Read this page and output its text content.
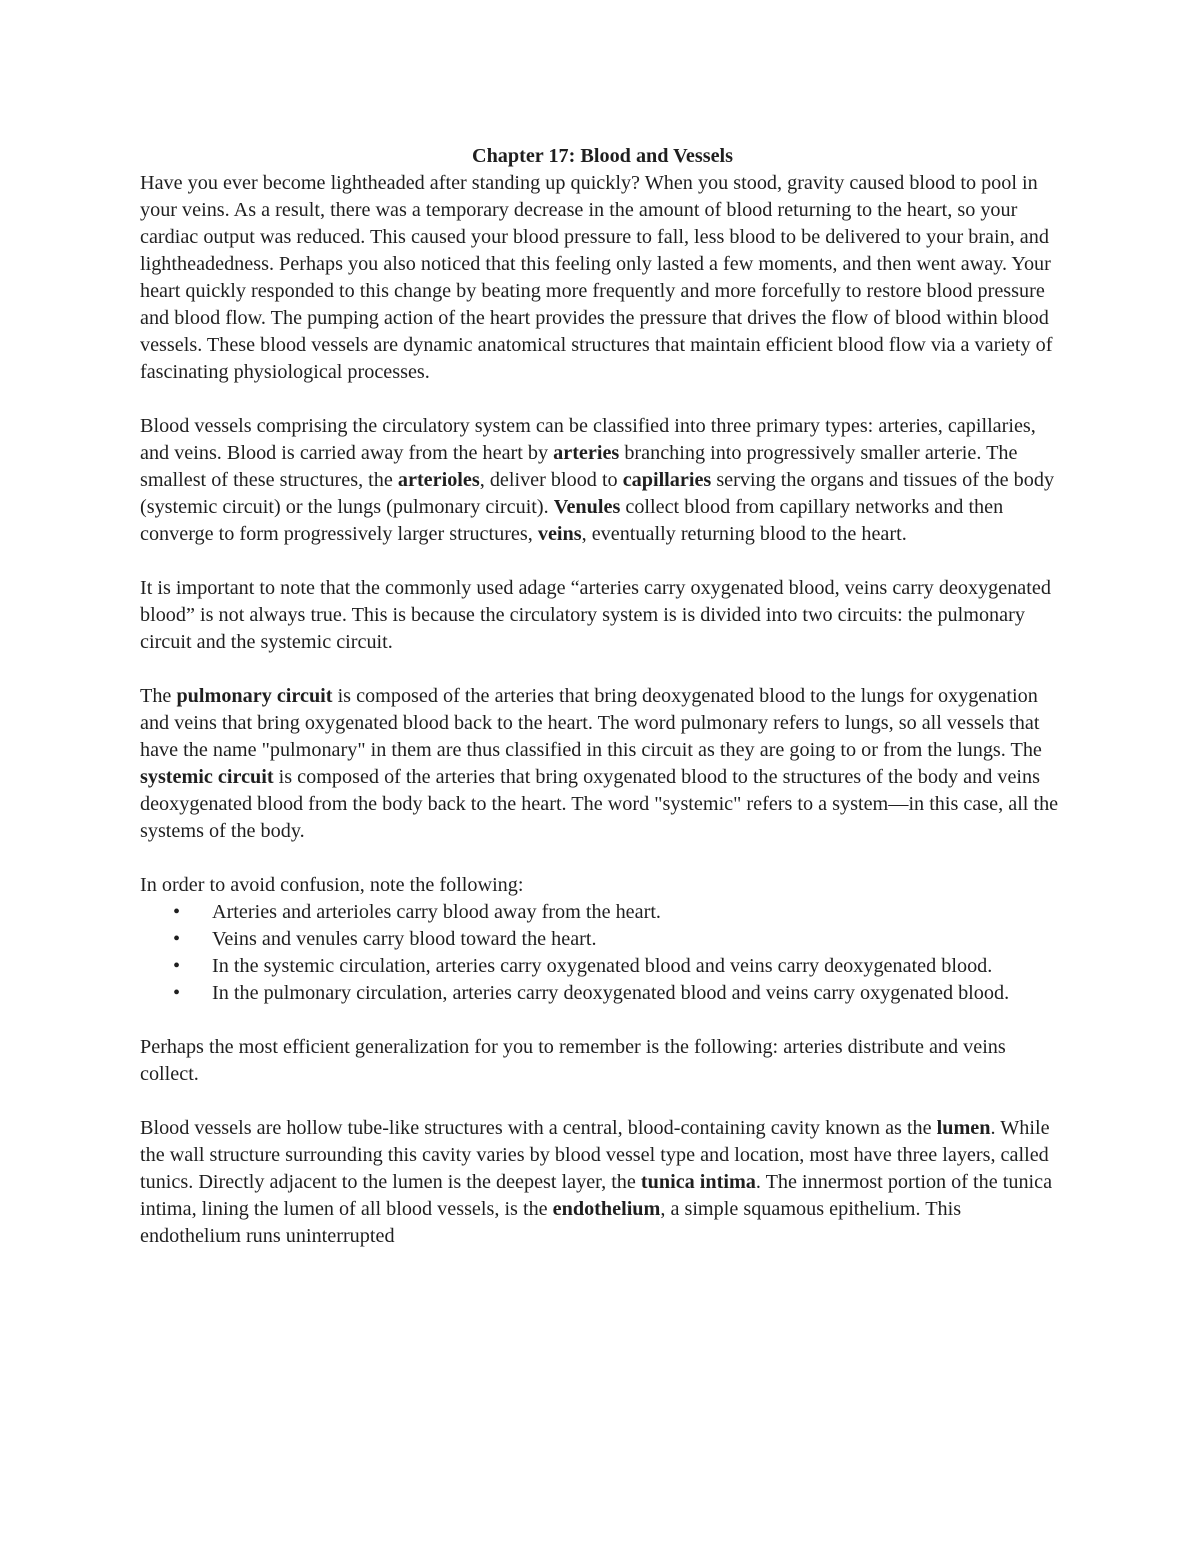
Chapter 17: Blood and Vessels

Have you ever become lightheaded after standing up quickly? When you stood, gravity caused blood to pool in your veins. As a result, there was a temporary decrease in the amount of blood returning to the heart, so your cardiac output was reduced. This caused your blood pressure to fall, less blood to be delivered to your brain, and lightheadedness. Perhaps you also noticed that this feeling only lasted a few moments, and then went away. Your heart quickly responded to this change by beating more frequently and more forcefully to restore blood pressure and blood flow. The pumping action of the heart provides the pressure that drives the flow of blood within blood vessels. These blood vessels are dynamic anatomical structures that maintain efficient blood flow via a variety of fascinating physiological processes.

Blood vessels comprising the circulatory system can be classified into three primary types: arteries, capillaries, and veins. Blood is carried away from the heart by arteries branching into progressively smaller arterie. The smallest of these structures, the arterioles, deliver blood to capillaries serving the organs and tissues of the body (systemic circuit) or the lungs (pulmonary circuit). Venules collect blood from capillary networks and then converge to form progressively larger structures, veins, eventually returning blood to the heart.

It is important to note that the commonly used adage “arteries carry oxygenated blood, veins carry deoxygenated blood” is not always true. This is because the circulatory system is is divided into two circuits: the pulmonary circuit and the systemic circuit.

The pulmonary circuit is composed of the arteries that bring deoxygenated blood to the lungs for oxygenation and veins that bring oxygenated blood back to the heart. The word pulmonary refers to lungs, so all vessels that have the name "pulmonary" in them are thus classified in this circuit as they are going to or from the lungs. The systemic circuit is composed of the arteries that bring oxygenated blood to the structures of the body and veins deoxygenated blood from the body back to the heart. The word "systemic" refers to a system—in this case, all the systems of the body.

In order to avoid confusion, note the following:
• Arteries and arterioles carry blood away from the heart.
• Veins and venules carry blood toward the heart.
• In the systemic circulation, arteries carry oxygenated blood and veins carry deoxygenated blood.
• In the pulmonary circulation, arteries carry deoxygenated blood and veins carry oxygenated blood.

Perhaps the most efficient generalization for you to remember is the following: arteries distribute and veins collect.

Blood vessels are hollow tube-like structures with a central, blood-containing cavity known as the lumen. While the wall structure surrounding this cavity varies by blood vessel type and location, most have three layers, called tunics. Directly adjacent to the lumen is the deepest layer, the tunica intima. The innermost portion of the tunica intima, lining the lumen of all blood vessels, is the endothelium, a simple squamous epithelium. This endothelium runs uninterrupted
